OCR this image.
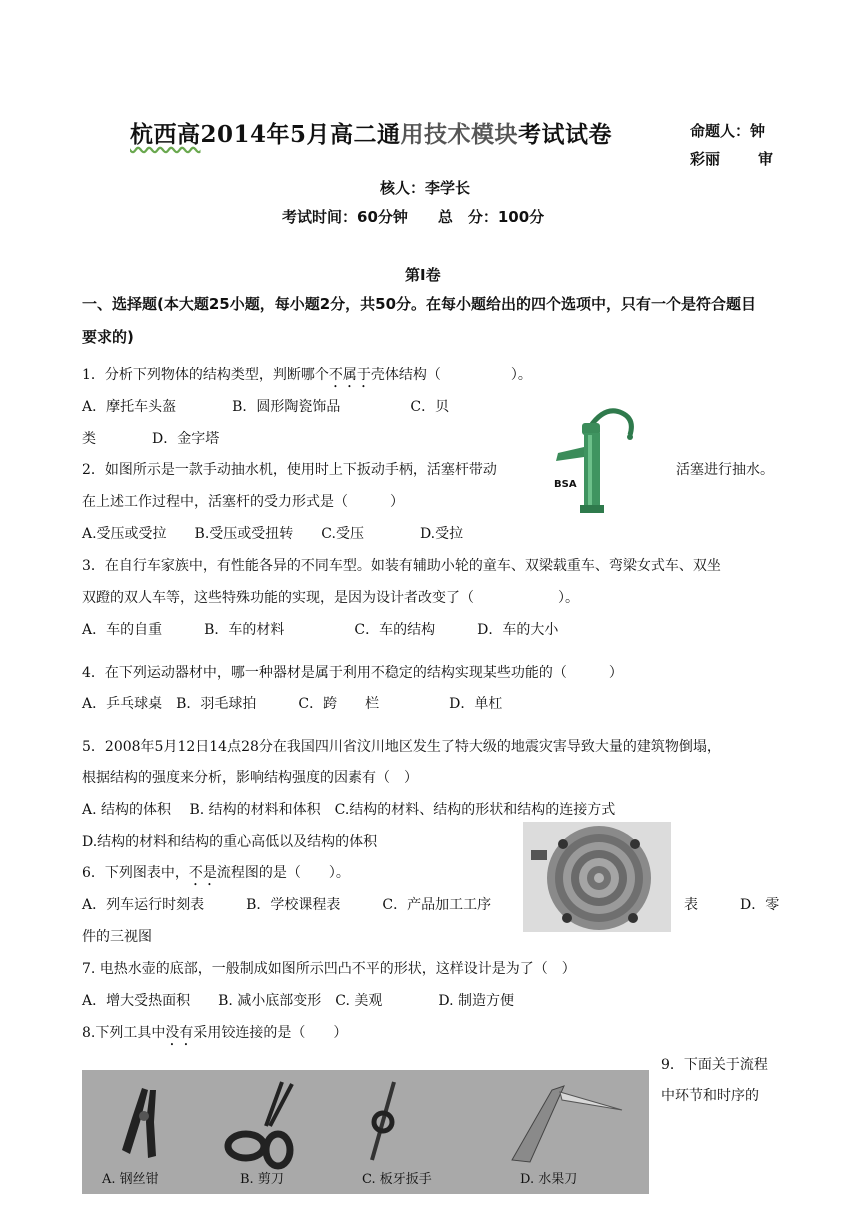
杭西高2014年5月高二通用技术模块考试试卷	命题人：钟
彩丽	审
核人：李学长
考试时间：60分钟　　总　分：100分
第Ⅰ卷
一、选择题(本大题25小题，每小题2分，共50分。在每小题给出的四个选项中，只有一个是符合题目
要求的)
1．分析下列物体的结构类型，判断哪个不属于壳体结构（　　　　　）。
A．摩托车头盔　　　　B．圆形陶瓷饰品　　　　　C．贝
类　　　　D．金字塔
2．如图所示是一款手动抽水机，使用时上下扳动手柄，活塞杆带动	活塞进行抽水。
在上述工作过程中，活塞杆的受力形式是（　　　）
A.受压或受拉　　B.受压或受扭转　　C.受压　　　　D.受拉
BSA
3．在自行车家族中，有性能各异的不同车型。如装有辅助小轮的童车、双梁载重车、弯梁女式车、双坐
双蹬的双人车等，这些特殊功能的实现，是因为设计者改变了（　　　　　　）。
A．车的自重　　　B．车的材料　　　　　C．车的结构　　　D．车的大小
4．在下列运动器材中，哪一种器材是属于利用不稳定的结构实现某些功能的（　　　）
A．乒乓球桌　B．羽毛球拍　　　C．跨　　栏　　　　　D．单杠
5．2008年5月12日14点28分在我国四川省汶川地区发生了特大级的地震灾害导致大量的建筑物倒塌，
根据结构的强度来分析，影响结构强度的因素有（　）
A. 结构的体积　 B. 结构的材料和体积　C.结构的材料、结构的形状和结构的连接方式
D.结构的材料和结构的重心高低以及结构的体积
6．下列图表中，不是流程图的是（　　）。
A．列车运行时刻表　　　B．学校课程表　　　C．产品加工工序	表　　　D．零
件的三视图
7. 电热水壶的底部，一般制成如图所示凹凸不平的形状，这样设计是为了（　）
A．增大受热面积　　B. 减小底部变形　C. 美观　　　　D. 制造方便
8.下列工具中没有采用铰连接的是（　　）
9．下面关于流程
中环节和时序的
A. 钢丝钳	B. 剪刀	C. 板牙扳手	D. 水果刀
